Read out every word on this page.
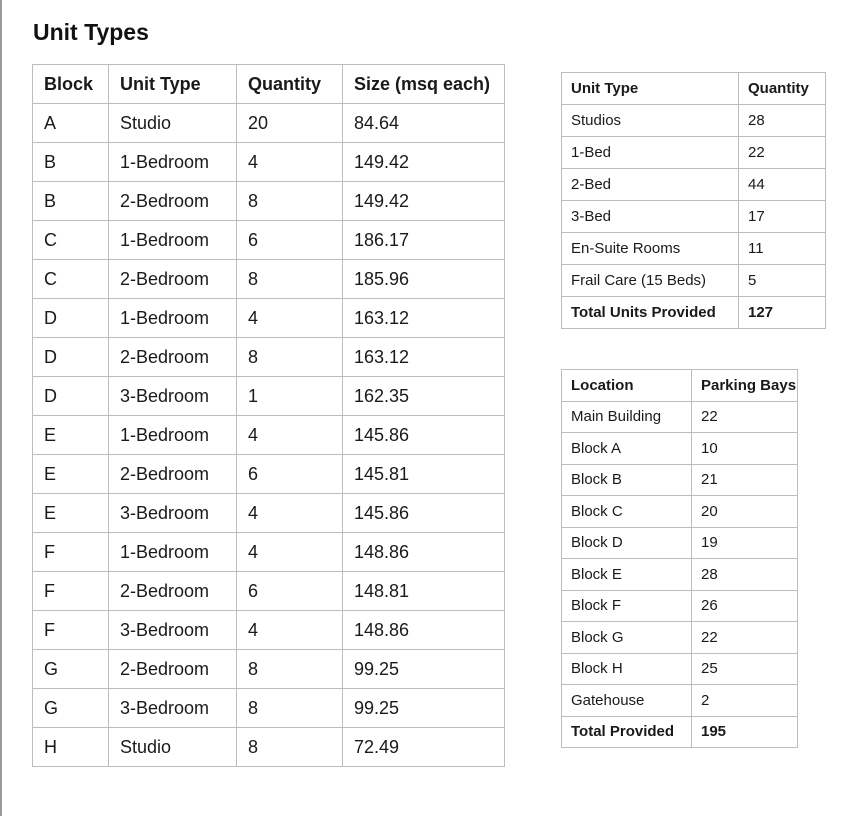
Unit Types
Block	Unit Type	Quantity	Size (msq each)
A	Studio	20	84.64
B	1-Bedroom	4	149.42
B	2-Bedroom	8	149.42
C	1-Bedroom	6	186.17
C	2-Bedroom	8	185.96
D	1-Bedroom	4	163.12
D	2-Bedroom	8	163.12
D	3-Bedroom	1	162.35
E	1-Bedroom	4	145.86
E	2-Bedroom	6	145.81
E	3-Bedroom	4	145.86
F	1-Bedroom	4	148.86
F	2-Bedroom	6	148.81
F	3-Bedroom	4	148.86
G	2-Bedroom	8	99.25
G	3-Bedroom	8	99.25
H	Studio	8	72.49
Unit Type	Quantity
Studios	28
1-Bed	22
2-Bed	44
3-Bed	17
En-Suite Rooms	11
Frail Care (15 Beds)	5
Total Units Provided	127
Location	Parking Bays
Main Building	22
Block A	10
Block B	21
Block C	20
Block D	19
Block E	28
Block F	26
Block G	22
Block H	25
Gatehouse	2
Total Provided	195
